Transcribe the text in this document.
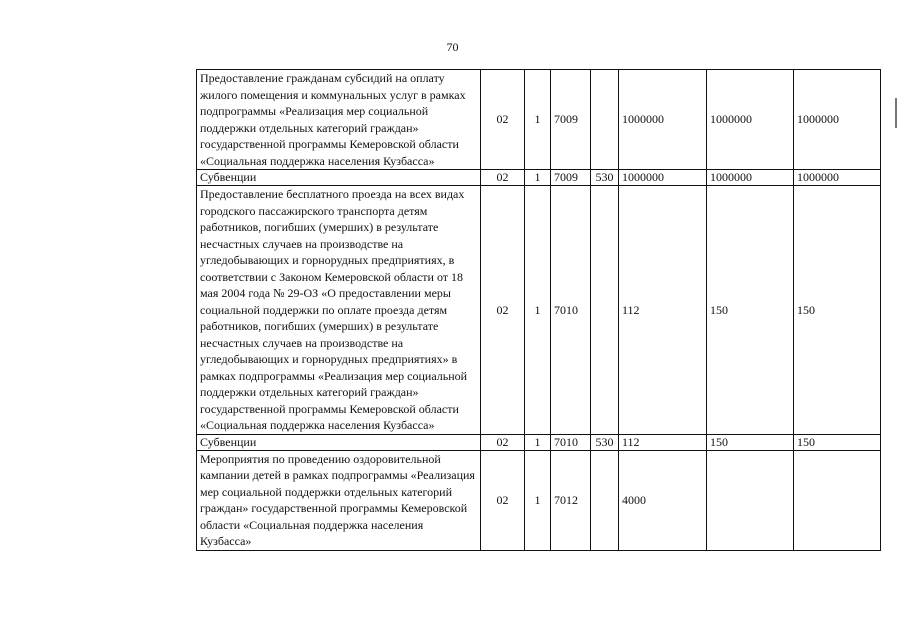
70
Предоставление гражданам субсидий на оплату жилого помещения и коммунальных услуг в рамках подпрограммы «Реализация мер социальной поддержки отдельных категорий граждан» государственной программы Кемеровской области «Социальная поддержка населения Кузбасса»	02	1	7009		1000000	1000000	1000000
Субвенции	02	1	7009	530	1000000	1000000	1000000
Предоставление бесплатного проезда на всех видах городского пассажирского транспорта детям работников, погибших (умерших) в результате несчастных случаев на производстве на угледобывающих и горнорудных предприятиях, в соответствии с Законом Кемеровской области от 18 мая 2004 года № 29-ОЗ «О предоставлении меры социальной поддержки по оплате проезда детям работников, погибших (умерших) в результате несчастных случаев на производстве на угледобывающих и горнорудных предприятиях» в рамках подпрограммы «Реализация мер социальной поддержки отдельных категорий граждан» государственной программы Кемеровской области «Социальная поддержка населения Кузбасса»	02	1	7010		112	150	150
Субвенции	02	1	7010	530	112	150	150
Мероприятия по проведению оздоровительной кампании детей в рамках подпрограммы «Реализация мер социальной поддержки отдельных категорий граждан» государственной программы Кемеровской области «Социальная поддержка населения Кузбасса»	02	1	7012		4000		
